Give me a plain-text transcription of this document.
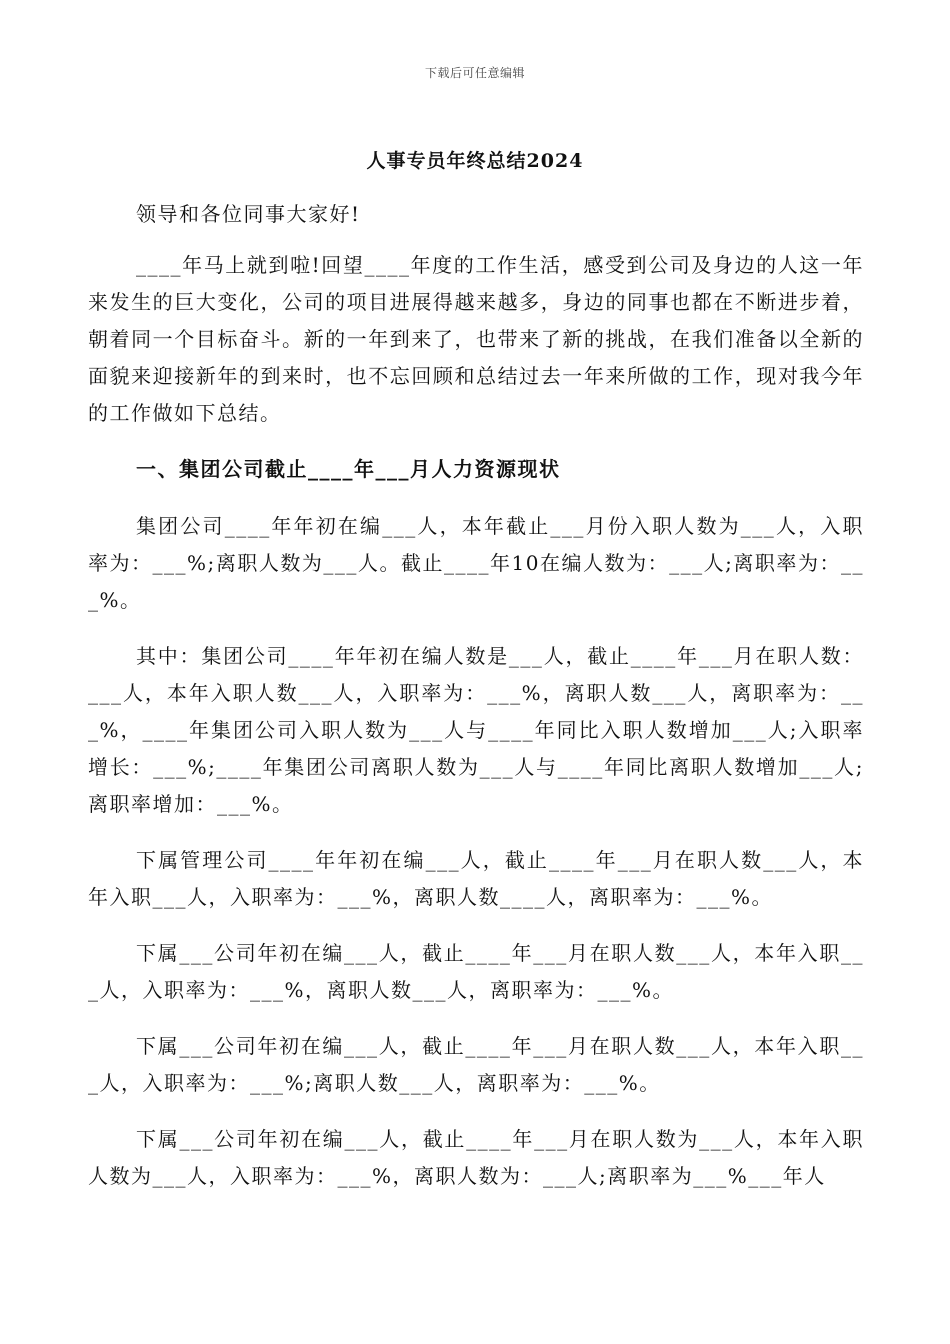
下载后可任意编辑
人事专员年终总结2024

领导和各位同事大家好!

____年马上就到啦!回望____年度的工作生活，感受到公司及身边的人这一年来发生的巨大变化，公司的项目进展得越来越多，身边的同事也都在不断进步着，朝着同一个目标奋斗。新的一年到来了，也带来了新的挑战，在我们准备以全新的面貌来迎接新年的到来时，也不忘回顾和总结过去一年来所做的工作，现对我今年的工作做如下总结。

一、集团公司截止____年___月人力资源现状

集团公司____年年初在编___人，本年截止___月份入职人数为___人，入职率为：___%;离职人数为___人。截止____年10在编人数为：___人;离职率为：___%。

其中：集团公司____年年初在编人数是___人，截止____年___月在职人数：___人，本年入职人数___人，入职率为：___%，离职人数___人，离职率为：___%，____年集团公司入职人数为___人与____年同比入职人数增加___人;入职率增长：___%;____年集团公司离职人数为___人与____年同比离职人数增加___人;离职率增加：___%。

下属管理公司____年年初在编___人，截止____年___月在职人数___人，本年入职___人，入职率为：___%，离职人数____人，离职率为：___%。

下属___公司年初在编___人，截止____年___月在职人数___人，本年入职___人，入职率为：___%，离职人数___人，离职率为：___%。

下属___公司年初在编___人，截止____年___月在职人数___人，本年入职___人，入职率为：___%;离职人数___人，离职率为：___%。

下属___公司年初在编___人，截止____年___月在职人数为___人，本年入职人数为___人，入职率为：___%，离职人数为：___人;离职率为___%___年人
